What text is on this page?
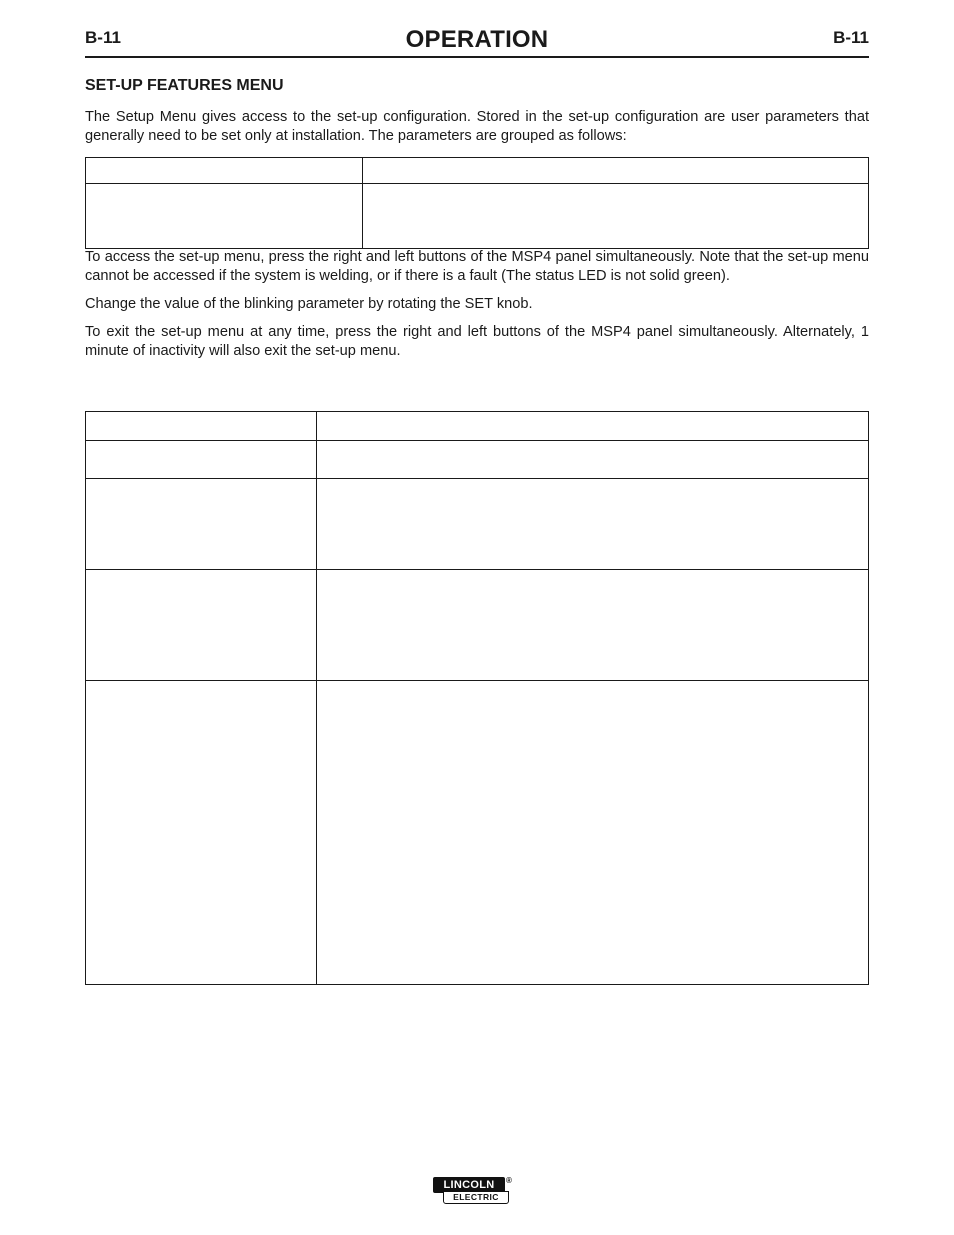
B-11	OPERATION	B-11
SET-UP FEATURES MENU

The Setup Menu gives access to the set-up configuration. Stored in the set-up configuration are user parameters that generally need to be set only at installation. The parameters are grouped as follows:

To access the set-up menu, press the right and left buttons of the MSP4 panel simultaneously. Note that the set-up menu cannot be accessed if the system is welding, or if there is a fault (The status LED is not solid green).

Change the value of the blinking parameter by rotating the SET knob.

To exit the set-up menu at any time, press the right and left buttons of the MSP4 panel simultaneously. Alternately, 1 minute of inactivity will also exit the set-up menu.

LINCOLN
ELECTRIC
®
